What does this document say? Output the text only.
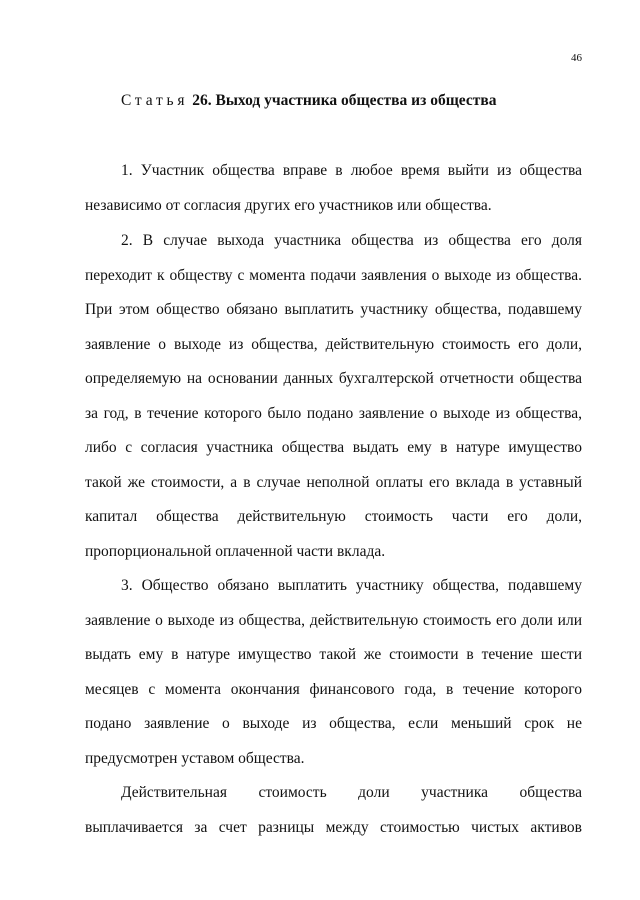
46

Статья 26. Выход участника общества из общества

1. Участник общества вправе в любое время выйти из общества

независимо от согласия других его участников или общества.

2. В случае выхода участника общества из общества его доля

переходит к обществу с момента подачи заявления о выходе из общества.

При этом общество обязано выплатить участнику общества, подавшему

заявление о выходе из общества, действительную стоимость его доли,

определяемую на основании данных бухгалтерской отчетности общества

за год, в течение которого было подано заявление о выходе из общества,

либо с согласия участника общества выдать ему в натуре имущество

такой же стоимости, а в случае неполной оплаты его вклада в уставный

капитал общества действительную стоимость части его доли,

пропорциональной оплаченной части вклада.

3. Общество обязано выплатить участнику общества, подавшему

заявление о выходе из общества, действительную стоимость его доли или

выдать ему в натуре имущество такой же стоимости в течение шести

месяцев с момента окончания финансового года, в течение которого

подано заявление о выходе из общества, если меньший срок не

предусмотрен уставом общества.

Действительная стоимость доли участника общества

выплачивается за счет разницы между стоимостью чистых активов
